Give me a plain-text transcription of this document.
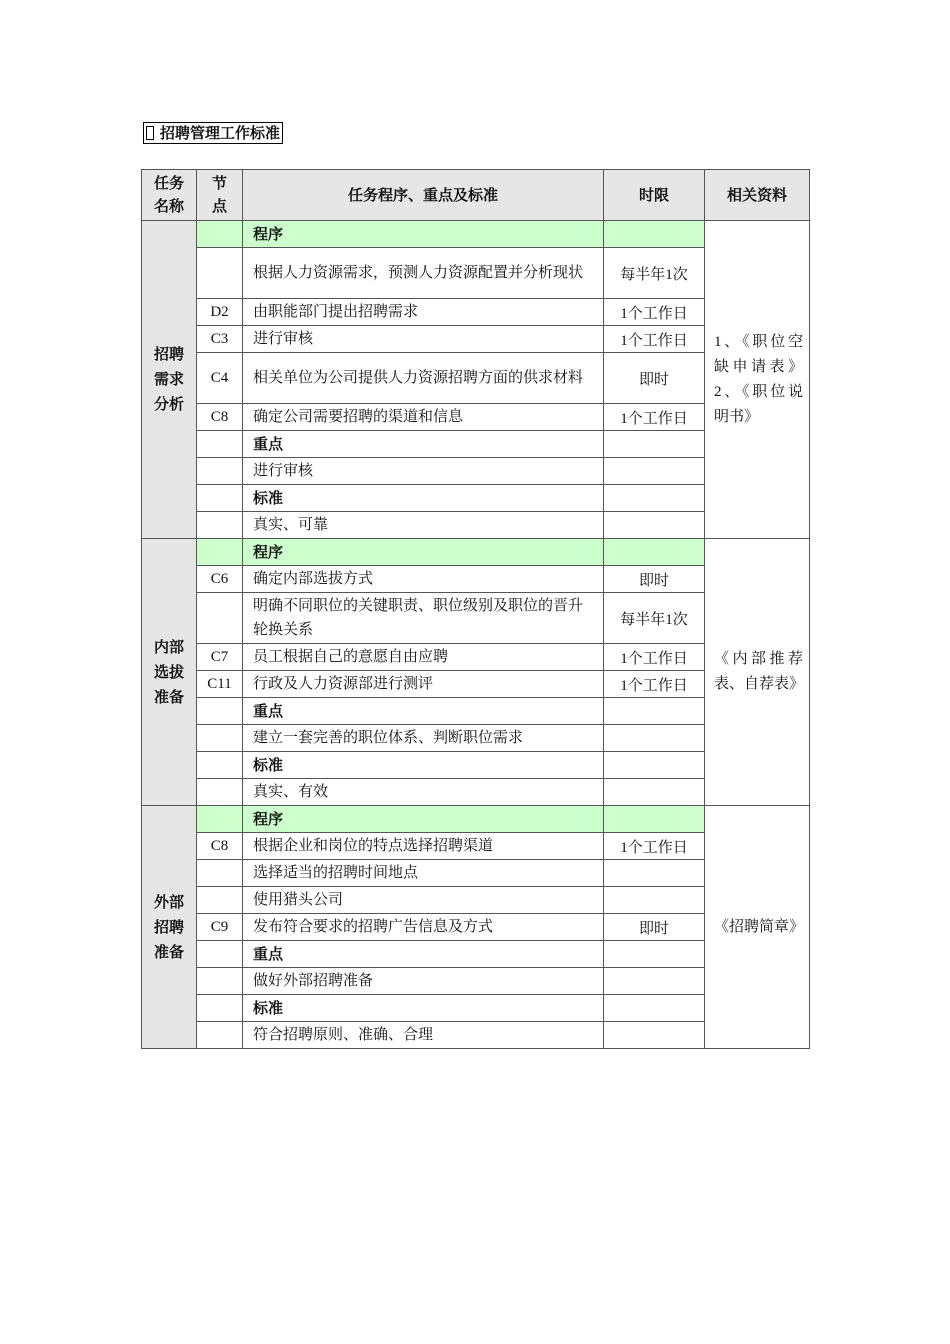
招聘管理工作标准
任务名称	节点	任务程序、重点及标准	时限	相关资料
招聘需求分析		程序		1、《职位空缺申请表》2、《职位说明书》
		根据人力资源需求，预测人力资源配置并分析现状	每半年1次	
	D2	由职能部门提出招聘需求	1个工作日	
	C3	进行审核	1个工作日	
	C4	相关单位为公司提供人力资源招聘方面的供求材料	即时	
	C8	确定公司需要招聘的渠道和信息	1个工作日	
		重点		
		进行审核		
		标准		
		真实、可靠		
内部选拔准备		程序		《内部推荐表、自荐表》
	C6	确定内部选拔方式	即时	
		明确不同职位的关键职责、职位级别及职位的晋升轮换关系	每半年1次	
	C7	员工根据自己的意愿自由应聘	1个工作日	
	C11	行政及人力资源部进行测评	1个工作日	
		重点		
		建立一套完善的职位体系、判断职位需求		
		标准		
		真实、有效		
外部招聘准备		程序		《招聘简章》
	C8	根据企业和岗位的特点选择招聘渠道	1个工作日	
		选择适当的招聘时间地点		
		使用猎头公司		
	C9	发布符合要求的招聘广告信息及方式	即时	
		重点		
		做好外部招聘准备		
		标准		
		符合招聘原则、准确、合理		
